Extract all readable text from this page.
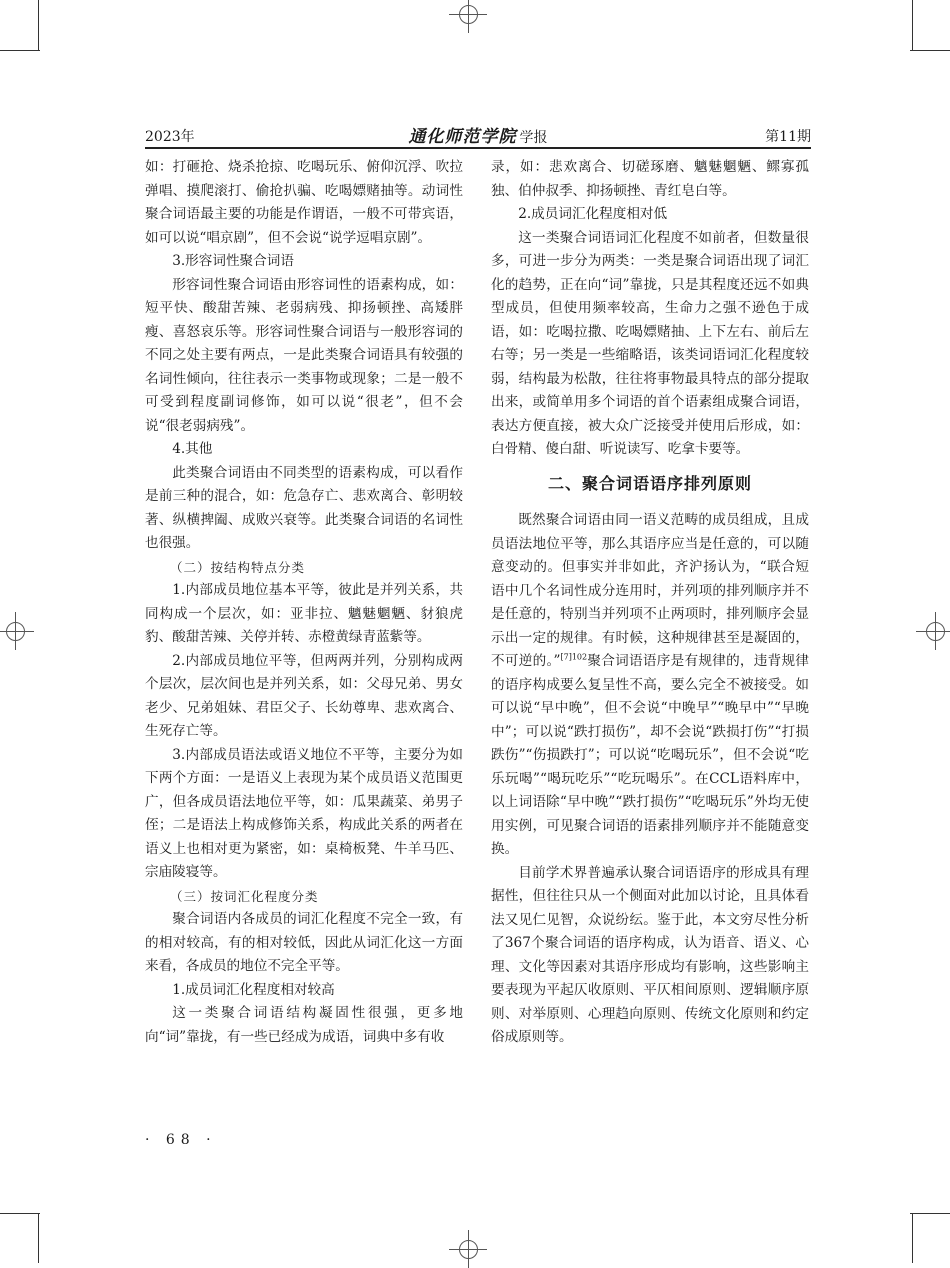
2023年	通化师范学院 学报	第11期

如：打砸抢、烧杀抢掠、吃喝玩乐、俯仰沉浮、吹拉弹唱、摸爬滚打、偷抢扒骗、吃喝嫖赌抽等。动词性聚合词语最主要的功能是作谓语，一般不可带宾语，如可以说“唱京剧”，但不会说“说学逗唱京剧”。

3.形容词性聚合词语

形容词性聚合词语由形容词性的语素构成，如：短平快、酸甜苦辣、老弱病残、抑扬顿挫、高矮胖瘦、喜怒哀乐等。形容词性聚合词语与一般形容词的不同之处主要有两点，一是此类聚合词语具有较强的名词性倾向，往往表示一类事物或现象；二是一般不可受到程度副词修饰，如可以说“很老”，但不会说“很老弱病残”。

4.其他

此类聚合词语由不同类型的语素构成，可以看作是前三种的混合，如：危急存亡、悲欢离合、彰明较著、纵横捭阖、成败兴衰等。此类聚合词语的名词性也很强。

（二）按结构特点分类

1.内部成员地位基本平等，彼此是并列关系，共同构成一个层次，如：亚非拉、魑魅魍魉、豺狼虎豹、酸甜苦辣、关停并转、赤橙黄绿青蓝紫等。

2.内部成员地位平等，但两两并列，分别构成两个层次，层次间也是并列关系，如：父母兄弟、男女老少、兄弟姐妹、君臣父子、长幼尊卑、悲欢离合、生死存亡等。

3.内部成员语法或语义地位不平等，主要分为如下两个方面：一是语义上表现为某个成员语义范围更广，但各成员语法地位平等，如：瓜果蔬菜、弟男子侄；二是语法上构成修饰关系，构成此关系的两者在语义上也相对更为紧密，如：桌椅板凳、牛羊马匹、宗庙陵寝等。

（三）按词汇化程度分类

聚合词语内各成员的词汇化程度不完全一致，有的相对较高，有的相对较低，因此从词汇化这一方面来看，各成员的地位不完全平等。

1.成员词汇化程度相对较高

这一类聚合词语结构凝固性很强，更多地向“词”靠拢，有一些已经成为成语，词典中多有收

录，如：悲欢离合、切磋琢磨、魑魅魍魉、鳏寡孤独、伯仲叔季、抑扬顿挫、青红皂白等。

2.成员词汇化程度相对低

这一类聚合词语词汇化程度不如前者，但数量很多，可进一步分为两类：一类是聚合词语出现了词汇化的趋势，正在向“词”靠拢，只是其程度还远不如典型成员，但使用频率较高，生命力之强不逊色于成语，如：吃喝拉撒、吃喝嫖赌抽、上下左右、前后左右等；另一类是一些缩略语，该类词语词汇化程度较弱，结构最为松散，往往将事物最具特点的部分提取出来，或简单用多个词语的首个语素组成聚合词语，表达方便直接，被大众广泛接受并使用后形成，如：白骨精、傻白甜、听说读写、吃拿卡要等。

二、聚合词语语序排列原则

既然聚合词语由同一语义范畴的成员组成，且成员语法地位平等，那么其语序应当是任意的，可以随意变动的。但事实并非如此，齐沪扬认为，“联合短语中几个名词性成分连用时，并列项的排列顺序并不是任意的，特别当并列项不止两项时，排列顺序会显示出一定的规律。有时候，这种规律甚至是凝固的，不可逆的。”$^{[7]102}$聚合词语语序是有规律的，违背规律的语序构成要么复呈性不高，要么完全不被接受。如可以说“早中晚”，但不会说“中晚早”“晚早中”“早晚中”；可以说“跌打损伤”，却不会说“跌损打伤”“打损跌伤”“伤损跌打”；可以说“吃喝玩乐”，但不会说“吃乐玩喝”“喝玩吃乐”“吃玩喝乐”。在CCL语料库中，以上词语除“早中晚”“跌打损伤”“吃喝玩乐”外均无使用实例，可见聚合词语的语素排列顺序并不能随意变换。

目前学术界普遍承认聚合词语语序的形成具有理据性，但往往只从一个侧面对此加以讨论，且具体看法又见仁见智，众说纷纭。鉴于此，本文穷尽性分析了367个聚合词语的语序构成，认为语音、语义、心理、文化等因素对其语序形成均有影响，这些影响主要表现为平起仄收原则、平仄相间原则、逻辑顺序原则、对举原则、心理趋向原则、传统文化原则和约定俗成原则等。

· 68 ·
